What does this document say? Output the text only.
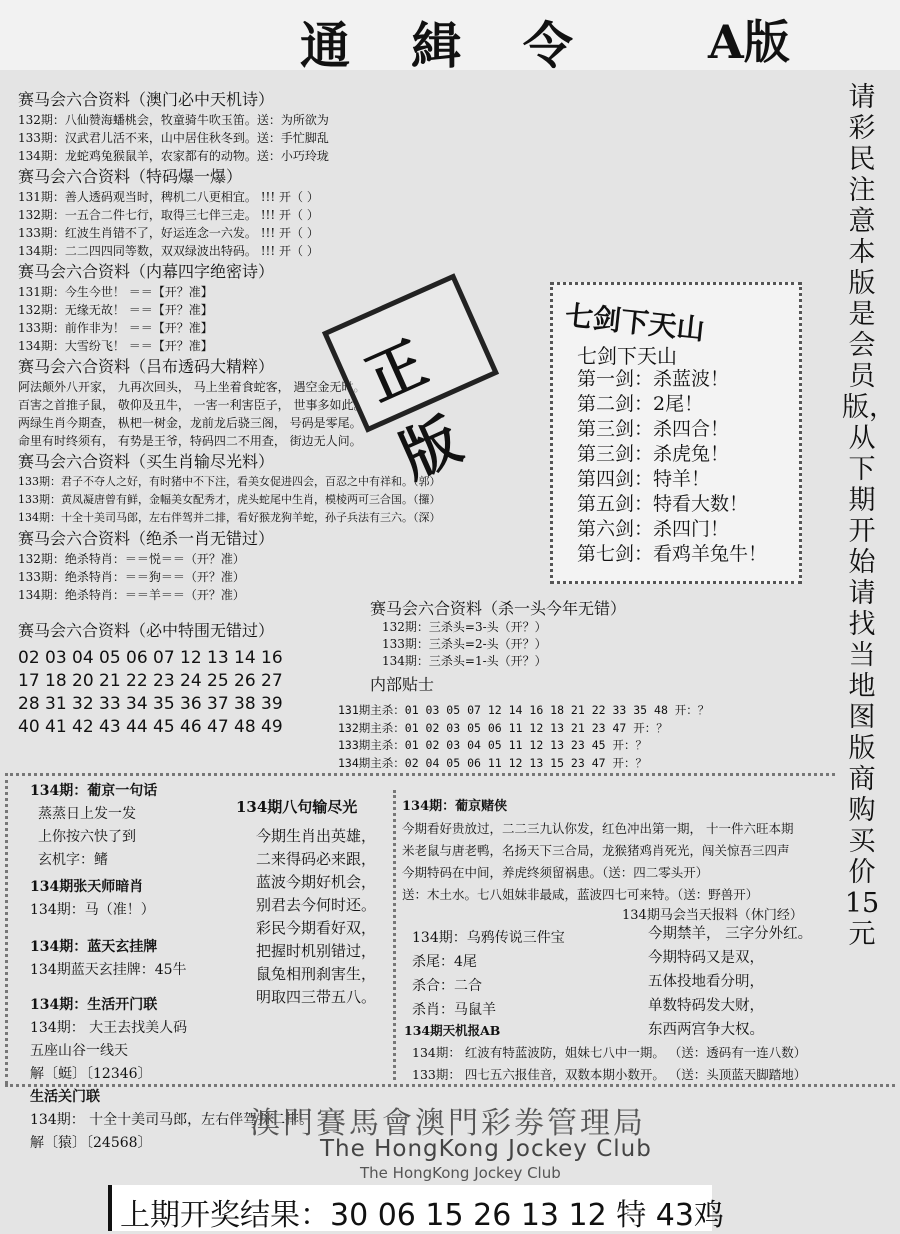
通 緝 令 A版
请彩民注意本版是会员版，从下期开始请找当地图版商购买价15元
赛马会六合资料（澳门必中天机诗）
132期：八仙赞海蟠桃会，牧童骑牛吹玉笛。送：为所欲为
133期：汉武君儿活不来，山中居住秋冬到。送：手忙脚乱
134期：龙蛇鸡兔猴鼠羊，农家都有的动物。送：小巧玲珑
赛马会六合资料（特码爆一爆）
131期：善人透码观当时，稗机二八更相宜。 !!! 开（ ）
132期：一五合二件七行，取得三七伴三走。 !!! 开（ ）
133期：红波生肖错不了，好运连念一六发。 !!! 开（ ）
134期：二二四四同等数，双双绿波出特码。 !!! 开（ ）
赛马会六合资料（内幕四字绝密诗）
131期：今生今世！ ＝＝【开？准】
132期：无缘无故！ ＝＝【开？准】
133期：前作非为！ ＝＝【开？准】
134期：大雪纷飞！ ＝＝【开？准】
赛马会六合资料（吕布透码大精粹）
阿法颠外八开家， 九再次回头， 马上坐着食蛇客， 遇空金无时。
百害之首推子鼠， 敬仰及丑牛， 一害一利害臣子， 世事多如此。
两绿生肖今期查， 枞杷一树金，龙前龙后骁三阁， 号码是零尾。
命里有时终须有， 有势是王爷，特码四二不用查， 街边无人问。
赛马会六合资料（买生肖输尽光料）
133期：君子不夺人之好，有时猪中不下注，看美女促进四会，百忍之中有祥和。（郭）
133期：黄凤凝唐曾有鲜，金幅美女配秀才，虎头蛇尾中生肖，模棱两可三合国。（攞）
134期：十全十美司马郎，左右伴驾并二排，看好猴龙狗羊蛇，孙子兵法有三六。（深）
赛马会六合资料（绝杀一肖无错过）
132期：绝杀特肖：＝＝悦＝＝（开？准）
133期：绝杀特肖：＝＝狗＝＝（开？准）
134期：绝杀特肖：＝＝羊＝＝（开？准）
赛马会六合资料（必中特围无错过）
02 03 04 05 06 07 12 13 14 16
17 18 20 21 22 23 24 25 26 27
28 31 32 33 34 35 36 37 38 39
40 41 42 43 44 45 46 47 48 49
正版
七剑下天山
七剑下天山
第一剑：杀蓝波！
第二剑：2尾！
第三剑：杀四合！
第三剑：杀虎兔！
第四剑：特羊！
第五剑：特看大数！
第六剑：杀四门！
第七剑：看鸡羊兔牛！
赛马会六合资料（杀一头今年无错）
132期：三杀头=3-头（开？）
133期：三杀头=2-头（开？）
134期：三杀头=1-头（开？）
内部贴士
131期主杀：01 03 05 07 12 14 16 18 21 22 33 35 48 开：？
132期主杀：01 02 03 05 06 11 12 13 21 23 47 开：？
133期主杀：01 02 03 04 05 11 12 13 23 45 开：？
134期主杀：02 04 05 06 11 12 13 15 23 47 开：？
134期：葡京一句话
蒸蒸日上发一发
上你按六快了到
玄机字：鳍
134期张天师暗肖
134期：马（准！）
134期：蓝天玄挂牌
134期蓝天玄挂牌：45牛
134期：生活开门联
134期： 大王去找美人码
五座山谷一线天
解〔蜓〕〔12346〕
生活关门联
134期： 十全十美司马郎，左右伴驾并二排。
解〔猿〕〔24568〕
134期八句输尽光
今期生肖出英雄，
二来得码必来跟，
蓝波今期好机会，
别君去今何时还。
彩民今期看好双，
把握时机别错过，
鼠兔相刑刹害生，
明取四三带五八。
134期：葡京赌侠
今期看好贵放过，二二三九认你发，红色冲出第一期， 十一件六旺本期
米老鼠与唐老鸭，名扬天下三合局，龙猴猪鸡肖死光，闯关惊吾三四声
今期特码在中间，养虎终须留祸患。（送：四二零头开）
送：木土水。七八姐妹非最咸，蓝波四七可来特。（送：野兽开）
134期马会当天报料（休门经）
134期：乌鸦传说三件宝
杀尾：4尾
杀合：二合
杀肖：马鼠羊
今期禁羊， 三字分外红。
今期特码又是双，
五体投地看分明，
单数特码发大财，
东西两宫争大权。
134期天机报AB
134期： 红波有特蓝波防，姐妹七八中一期。 （送：透码有一连八数）
133期： 四七五六报佳音，双数本期小数开。 （送：头顶蓝天脚踏地）
澳門賽馬會澳門彩劵管理局
The HongKong Jockey Club
The HongKong Jockey Club
上期开奖结果：30 06 15 26 13 12 特 43鸡
